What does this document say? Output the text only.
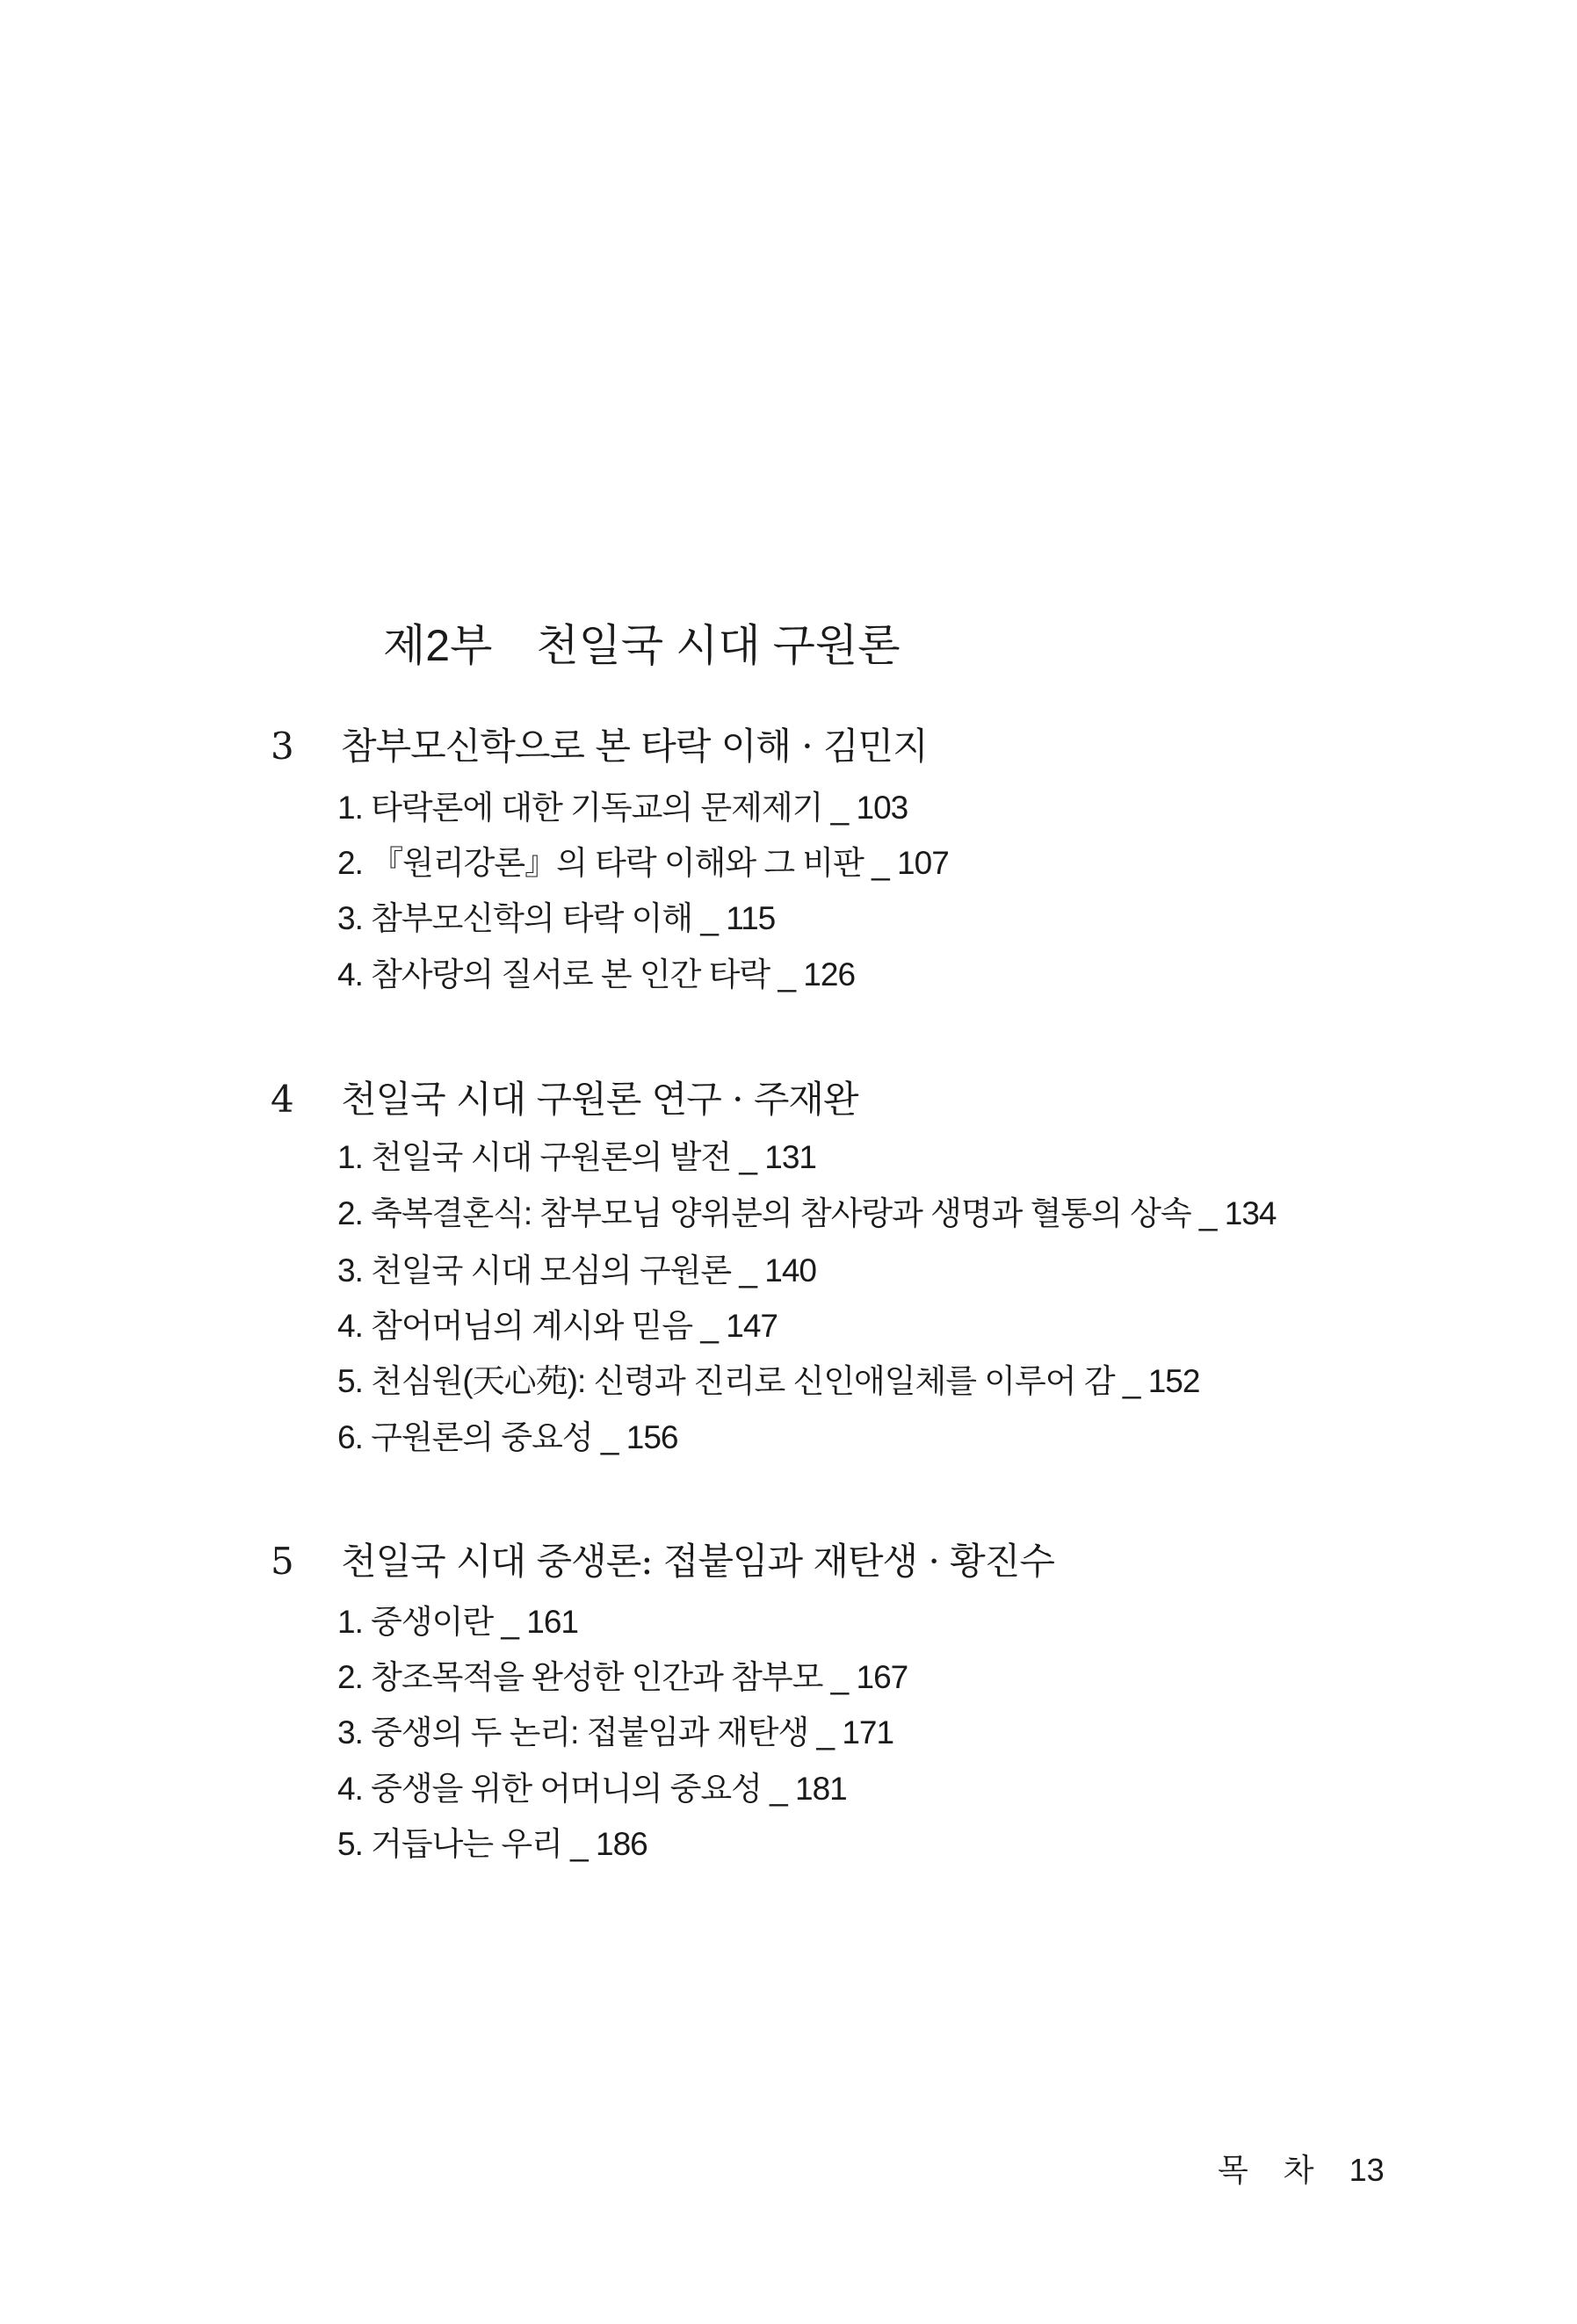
제2부 천일국 시대 구원론
3 참부모신학으로 본 타락 이해 · 김민지
1. 타락론에 대한 기독교의 문제제기 _ 103
2. 『원리강론』의 타락 이해와 그 비판 _ 107
3. 참부모신학의 타락 이해 _ 115
4. 참사랑의 질서로 본 인간 타락 _ 126
4 천일국 시대 구원론 연구 · 주재완
1. 천일국 시대 구원론의 발전 _ 131
2. 축복결혼식: 참부모님 양위분의 참사랑과 생명과 혈통의 상속 _ 134
3. 천일국 시대 모심의 구원론 _ 140
4. 참어머님의 계시와 믿음 _ 147
5. 천심원(天心苑): 신령과 진리로 신인애일체를 이루어 감 _ 152
6. 구원론의 중요성 _ 156
5 천일국 시대 중생론: 접붙임과 재탄생 · 황진수
1. 중생이란 _ 161
2. 창조목적을 완성한 인간과 참부모 _ 167
3. 중생의 두 논리: 접붙임과 재탄생 _ 171
4. 중생을 위한 어머니의 중요성 _ 181
5. 거듭나는 우리 _ 186
목 차 13
